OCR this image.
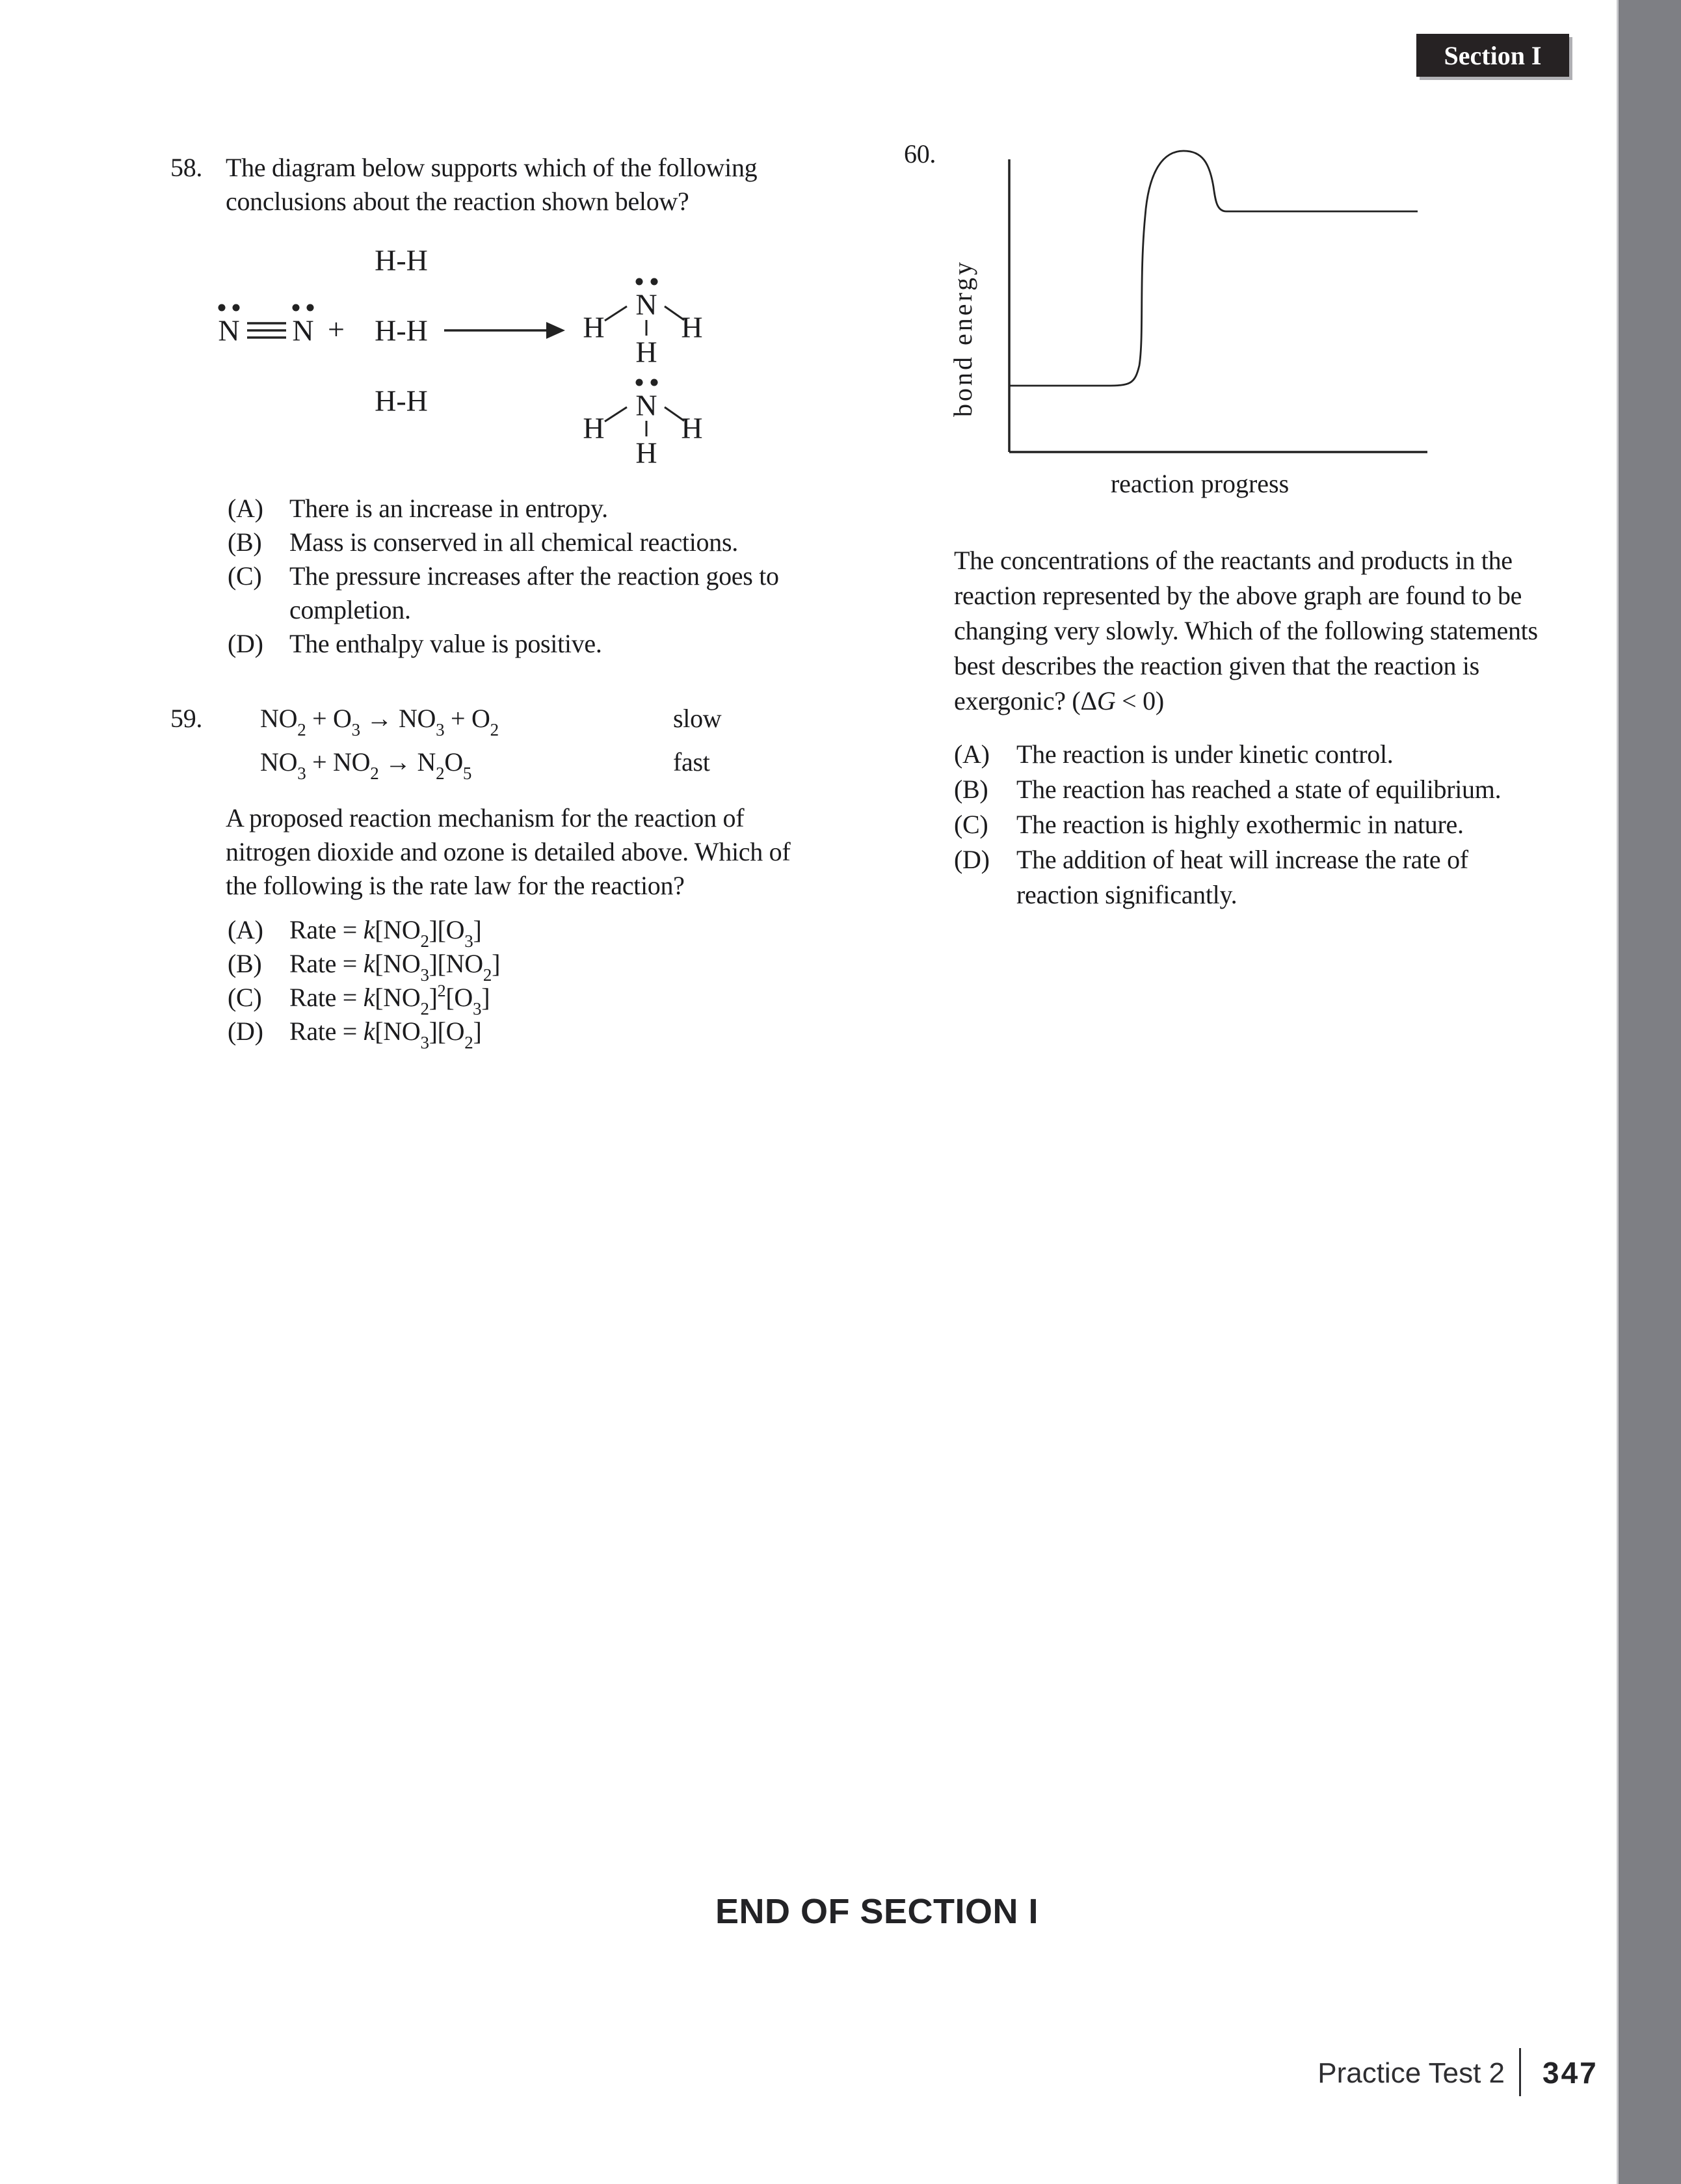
Section I
58. The diagram below supports which of the following
conclusions about the reaction shown below?
H-H
N N + H-H
H-H
H
N
H
H
H
N
H
H
(A) There is an increase in entropy.
(B) Mass is conserved in all chemical reactions.
(C) The pressure increases after the reaction goes to
completion.
(D) The enthalpy value is positive.
59. $NO_2 + O_3 \to NO_3 + O_2$	slow
$NO_3 + NO_2 \to N_2O_5$	fast
A proposed reaction mechanism for the reaction of
nitrogen dioxide and ozone is detailed above. Which of
the following is the rate law for the reaction?
(A) Rate = $k[NO_2][O_3]$
(B) Rate = $k[NO_3][NO_2]$
(C) Rate = $k[NO_2]^2[O_3]$
(D) Rate = $k[NO_3][O_2]$
60.
bond energy
reaction progress
The concentrations of the reactants and products in the
reaction represented by the above graph are found to be
changing very slowly. Which of the following statements
best describes the reaction given that the reaction is
exergonic? (ΔG < 0)
(A) The reaction is under kinetic control.
(B) The reaction has reached a state of equilibrium.
(C) The reaction is highly exothermic in nature.
(D) The addition of heat will increase the rate of
reaction significantly.
END OF SECTION I
Practice Test 2 347
